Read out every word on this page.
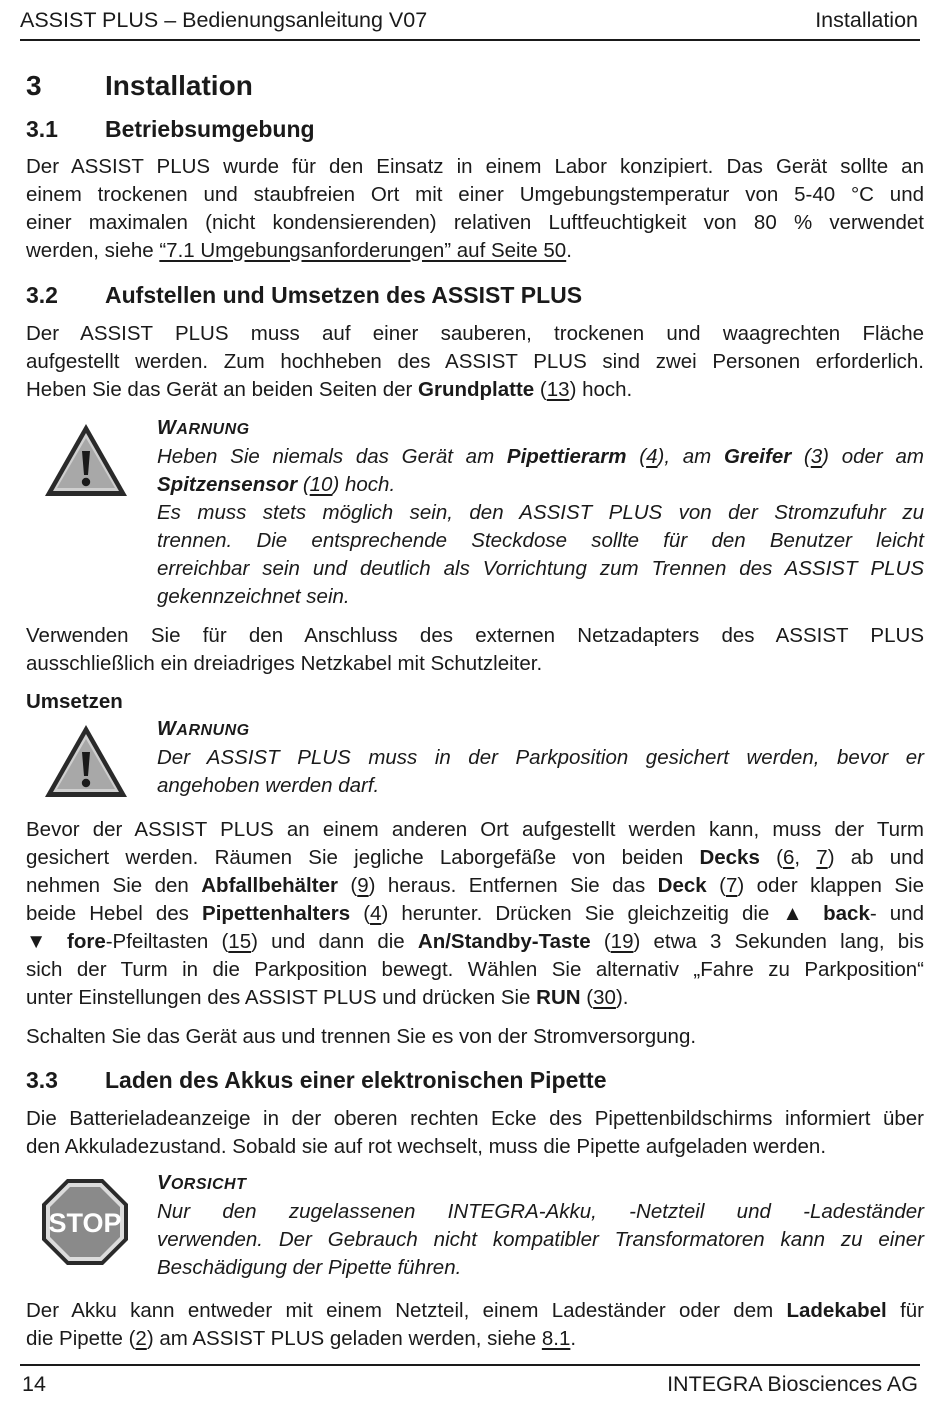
ASSIST PLUS – Bedienungsanleitung V07	Installation
3 Installation
3.1 Betriebsumgebung
Der ASSIST PLUS wurde für den Einsatz in einem Labor konzipiert. Das Gerät sollte an
einem trockenen und staubfreien Ort mit einer Umgebungstemperatur von 5-40 °C und
einer maximalen (nicht kondensierenden) relativen Luftfeuchtigkeit von 80 % verwendet
werden, siehe “7.1 Umgebungsanforderungen” auf Seite 50.
3.2 Aufstellen und Umsetzen des ASSIST PLUS
Der ASSIST PLUS muss auf einer sauberen, trockenen und waagrechten Fläche
aufgestellt werden. Zum hochheben des ASSIST PLUS sind zwei Personen erforderlich.
Heben Sie das Gerät an beiden Seiten der Grundplatte (13) hoch.
WARNUNG
Heben Sie niemals das Gerät am Pipettierarm (4), am Greifer (3) oder am
Spitzensensor (10) hoch.
Es muss stets möglich sein, den ASSIST PLUS von der Stromzufuhr zu
trennen. Die entsprechende Steckdose sollte für den Benutzer leicht
erreichbar sein und deutlich als Vorrichtung zum Trennen des ASSIST PLUS
gekennzeichnet sein.
Verwenden Sie für den Anschluss des externen Netzadapters des ASSIST PLUS
ausschließlich ein dreiadriges Netzkabel mit Schutzleiter.
Umsetzen
WARNUNG
Der ASSIST PLUS muss in der Parkposition gesichert werden, bevor er
angehoben werden darf.
Bevor der ASSIST PLUS an einem anderen Ort aufgestellt werden kann, muss der Turm
gesichert werden. Räumen Sie jegliche Laborgefäße von beiden Decks (6, 7) ab und
nehmen Sie den Abfallbehälter (9) heraus. Entfernen Sie das Deck (7) oder klappen Sie
beide Hebel des Pipettenhalters (4) herunter. Drücken Sie gleichzeitig die ▲ back- und
▼ fore-Pfeiltasten (15) und dann die An/Standby-Taste (19) etwa 3 Sekunden lang, bis
sich der Turm in die Parkposition bewegt. Wählen Sie alternativ „Fahre zu Parkposition“
unter Einstellungen des ASSIST PLUS und drücken Sie RUN (30).
Schalten Sie das Gerät aus und trennen Sie es von der Stromversorgung.
3.3 Laden des Akkus einer elektronischen Pipette
Die Batterieladeanzeige in der oberen rechten Ecke des Pipettenbildschirms informiert über
den Akkuladezustand. Sobald sie auf rot wechselt, muss die Pipette aufgeladen werden.
STOP
VORSICHT
Nur den zugelassenen INTEGRA-Akku, -Netzteil und -Ladeständer
verwenden. Der Gebrauch nicht kompatibler Transformatoren kann zu einer
Beschädigung der Pipette führen.
Der Akku kann entweder mit einem Netzteil, einem Ladeständer oder dem Ladekabel für
die Pipette (2) am ASSIST PLUS geladen werden, siehe 8.1.
14	INTEGRA Biosciences AG
